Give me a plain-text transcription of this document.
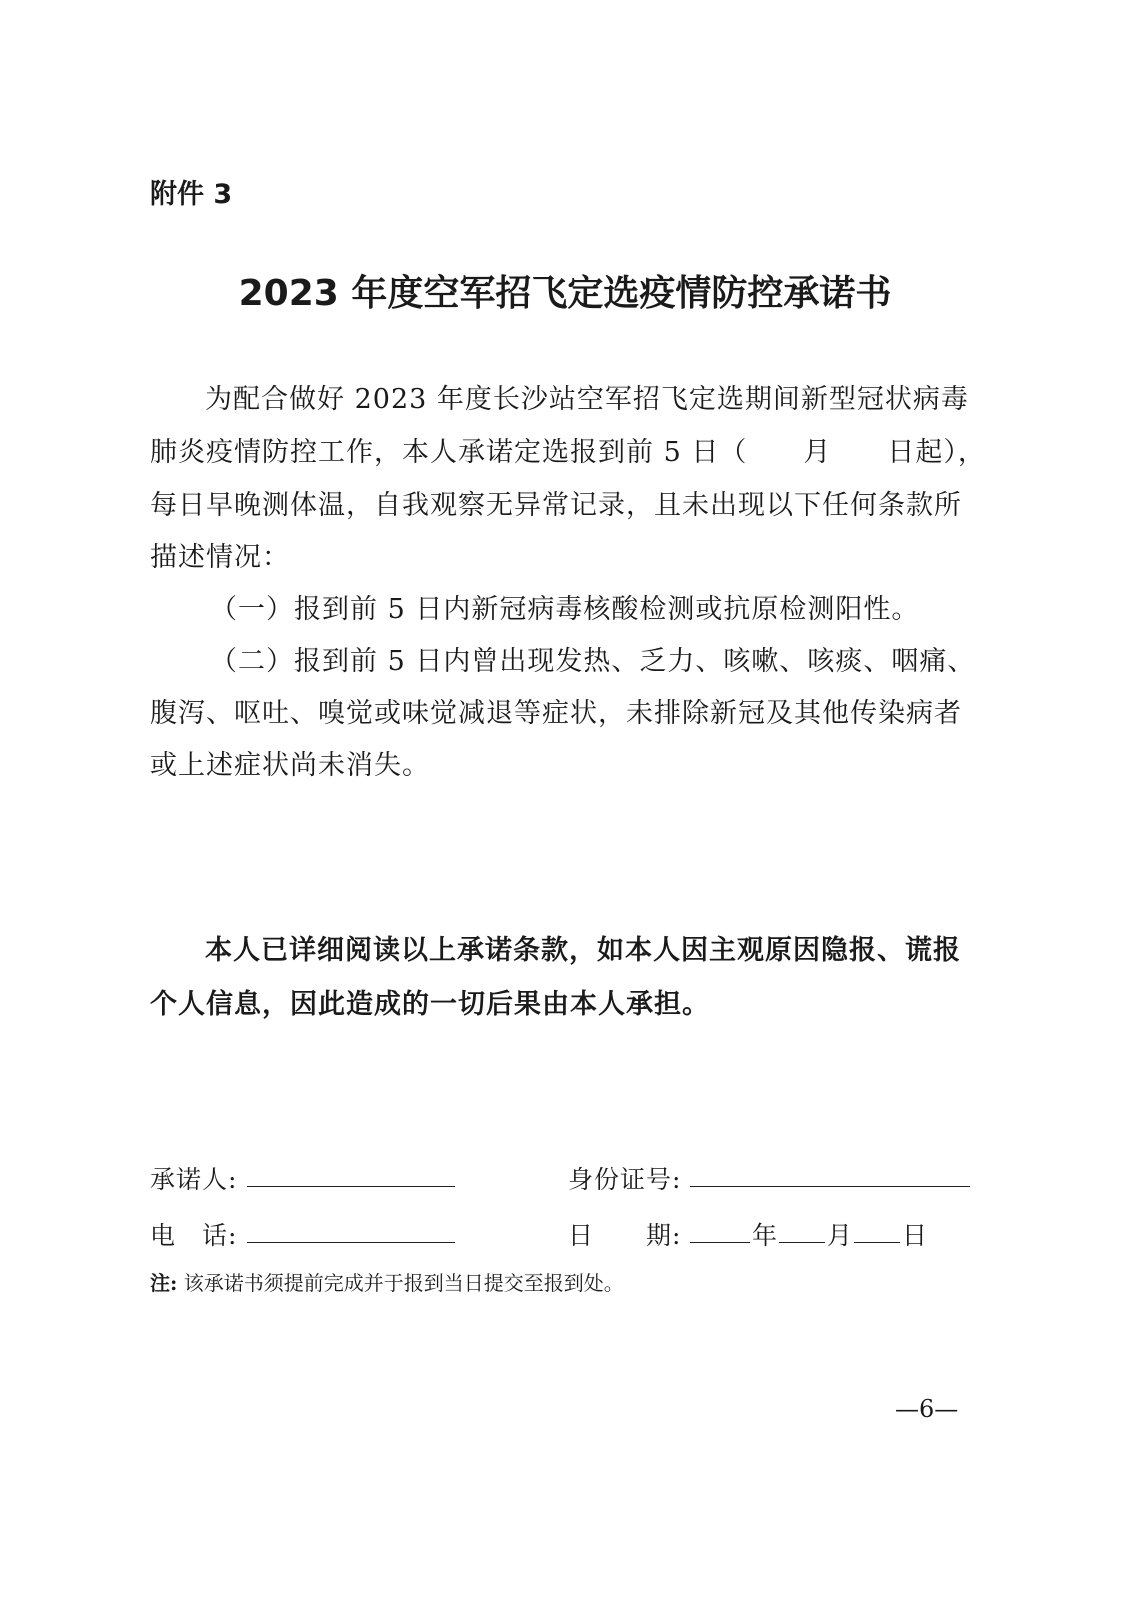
附件 3
2023 年度空军招飞定选疫情防控承诺书
为配合做好 2023 年度长沙站空军招飞定选期间新型冠状病毒
肺炎疫情防控工作，本人承诺定选报到前 5 日（　　月　　日起），
每日早晚测体温，自我观察无异常记录，且未出现以下任何条款所
描述情况：
（一）报到前 5 日内新冠病毒核酸检测或抗原检测阳性。
（二）报到前 5 日内曾出现发热、乏力、咳嗽、咳痰、咽痛、
腹泻、呕吐、嗅觉或味觉减退等症状，未排除新冠及其他传染病者
或上述症状尚未消失。
本人已详细阅读以上承诺条款，如本人因主观原因隐报、谎报
个人信息，因此造成的一切后果由本人承担。
承诺人:	身份证号:
电　话:	日　　期:	年 月 日
注: 该承诺书须提前完成并于报到当日提交至报到处。
—6—
